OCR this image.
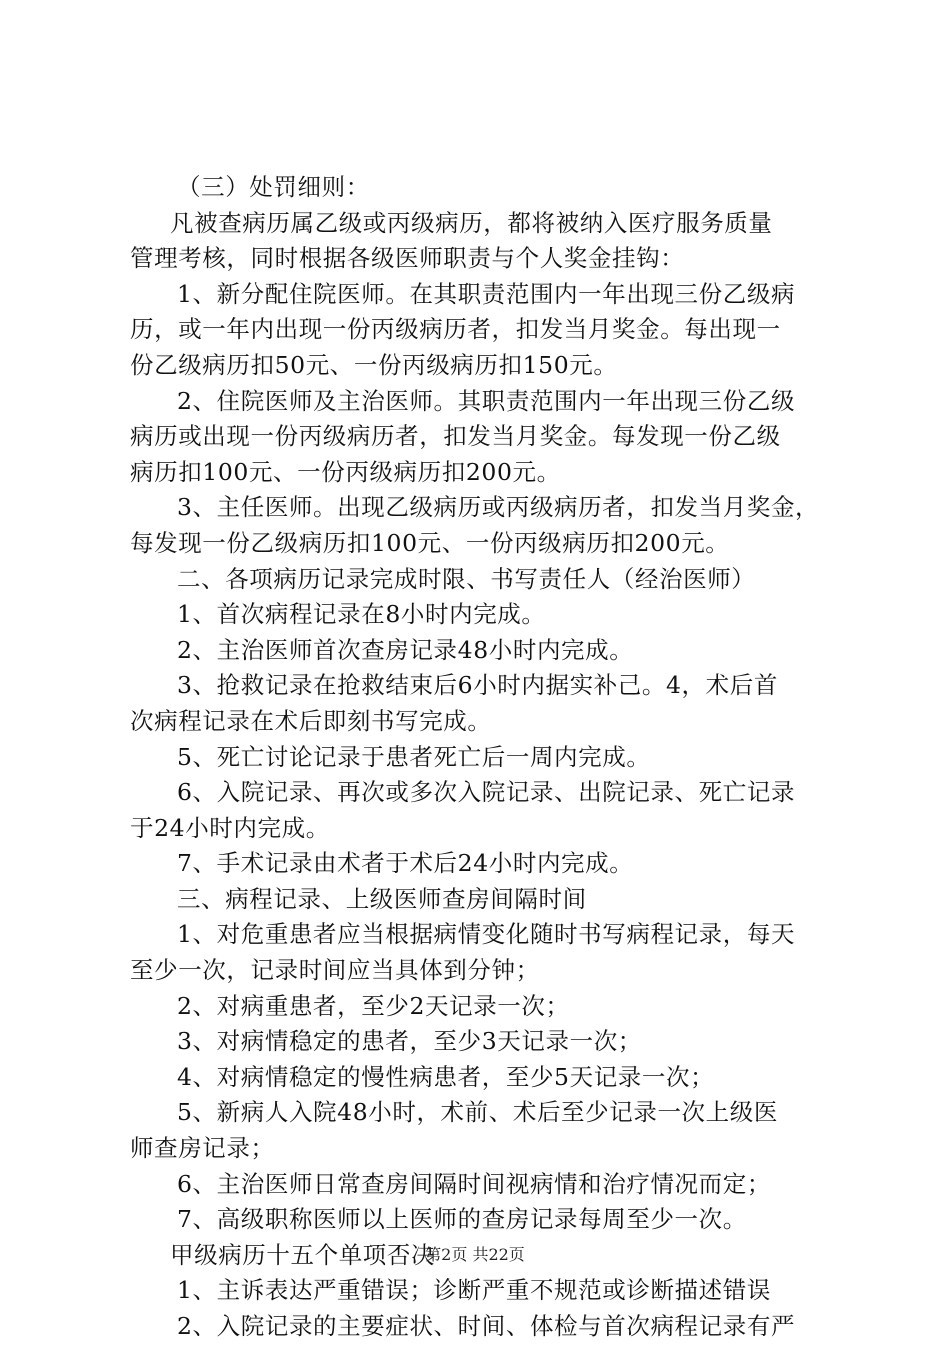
（三）处罚细则：
凡被查病历属乙级或丙级病历，都将被纳入医疗服务质量
管理考核，同时根据各级医师职责与个人奖金挂钩：
1、新分配住院医师。在其职责范围内一年出现三份乙级病
历，或一年内出现一份丙级病历者，扣发当月奖金。每出现一
份乙级病历扣50元、一份丙级病历扣150元。
2、住院医师及主治医师。其职责范围内一年出现三份乙级
病历或出现一份丙级病历者，扣发当月奖金。每发现一份乙级
病历扣100元、一份丙级病历扣200元。
3、主任医师。出现乙级病历或丙级病历者，扣发当月奖金，
每发现一份乙级病历扣100元、一份丙级病历扣200元。
二、各项病历记录完成时限、书写责任人（经治医师）
1、首次病程记录在8小时内完成。
2、主治医师首次查房记录48小时内完成。
3、抢救记录在抢救结束后6小时内据实补己。4，术后首
次病程记录在术后即刻书写完成。
5、死亡讨论记录于患者死亡后一周内完成。
6、入院记录、再次或多次入院记录、出院记录、死亡记录
于24小时内完成。
7、手术记录由术者于术后24小时内完成。
三、病程记录、上级医师查房间隔时间
1、对危重患者应当根据病情变化随时书写病程记录，每天
至少一次，记录时间应当具体到分钟；
2、对病重患者，至少2天记录一次；
3、对病情稳定的患者，至少3天记录一次；
4、对病情稳定的慢性病患者，至少5天记录一次；
5、新病人入院48小时，术前、术后至少记录一次上级医
师查房记录；
6、主治医师日常查房间隔时间视病情和治疗情况而定；
7、高级职称医师以上医师的查房记录每周至少一次。
甲级病历十五个单项否决
1、主诉表达严重错误；诊断严重不规范或诊断描述错误
2、入院记录的主要症状、时间、体检与首次病程记录有严
第2页 共22页
